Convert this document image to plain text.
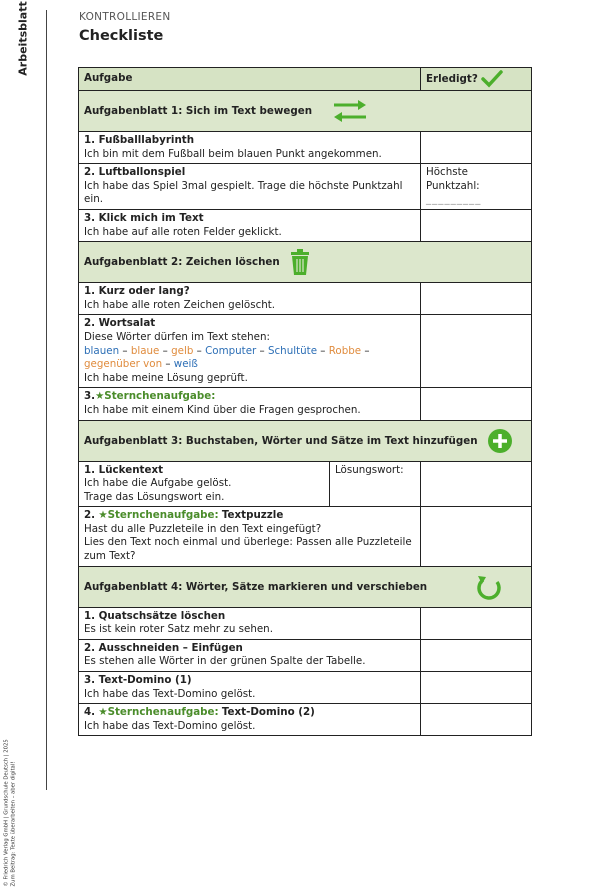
Arbeitsblatt
© Friedrich Verlag GmbH | Grundschule Deutsch | 2025
Zum Beitrag: Texte überarbeiten – aber digital!
KONTROLLIEREN
Checkliste
Aufgabe		Erledigt?
Aufgabenblatt 1: Sich im Text bewegen		
1. Fußballlabyrinth
Ich bin mit dem Fußball beim blauen Punkt angekommen.		
2. Luftballonspiel
Ich habe das Spiel 3mal gespielt. Trage die höchste Punktzahl ein.		Höchste
Punktzahl:
_________
3. Klick mich im Text
Ich habe auf alle roten Felder geklickt.		
Aufgabenblatt 2: Zeichen löschen		
1. Kurz oder lang?
Ich habe alle roten Zeichen gelöscht.		
2. Wortsalat
Diese Wörter dürfen im Text stehen:
blauen – blaue – gelb – Computer – Schultüte – Robbe –
gegenüber von – weiß
Ich habe meine Lösung geprüft.		
3.★Sternchenaufgabe:
Ich habe mit einem Kind über die Fragen gesprochen.		
Aufgabenblatt 3: Buchstaben, Wörter und Sätze im Text hinzufügen		
1. Lückentext
Ich habe die Aufgabe gelöst.
Trage das Lösungswort ein.	Lösungswort:	
2. ★Sternchenaufgabe: Textpuzzle
Hast du alle Puzzleteile in den Text eingefügt?
Lies den Text noch einmal und überlege: Passen alle Puzzleteile zum Text?		
Aufgabenblatt 4: Wörter, Sätze markieren und verschieben		
1. Quatschsätze löschen
Es ist kein roter Satz mehr zu sehen.		
2. Ausschneiden – Einfügen
Es stehen alle Wörter in der grünen Spalte der Tabelle.		
3. Text-Domino (1)
Ich habe das Text-Domino gelöst.		
4. ★Sternchenaufgabe: Text-Domino (2)
Ich habe das Text-Domino gelöst.		
